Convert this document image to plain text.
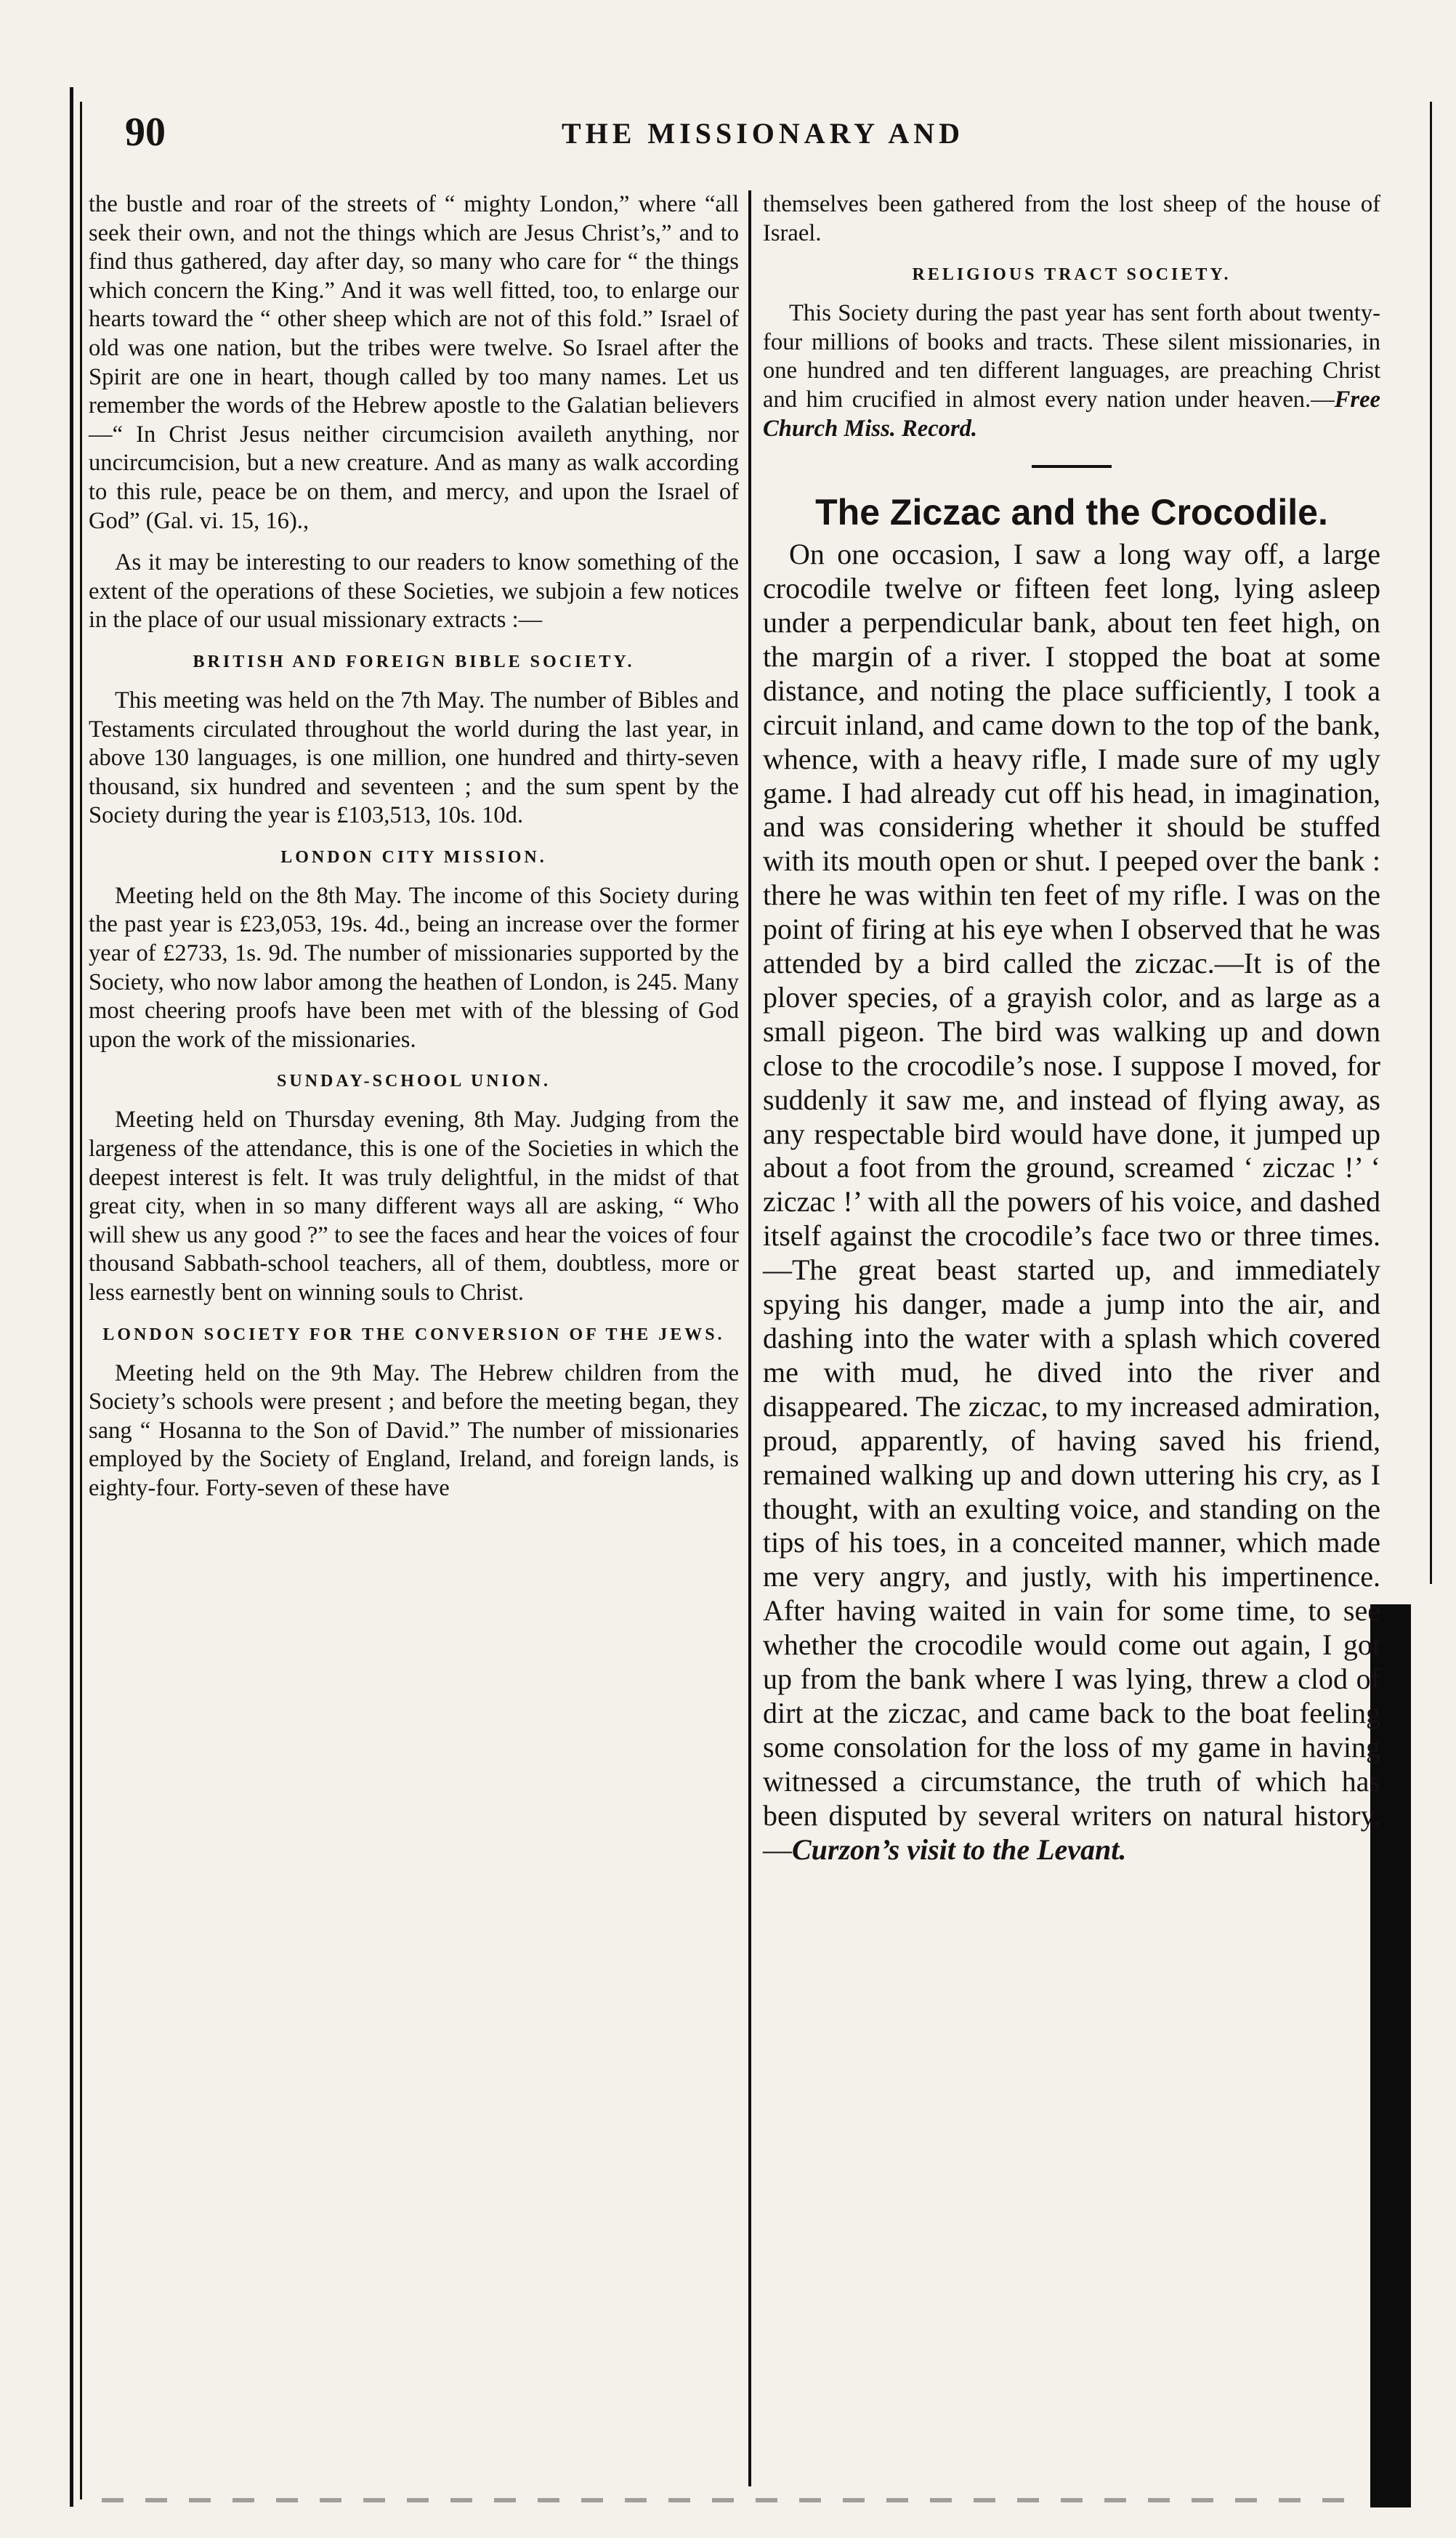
90	THE MISSIONARY AND

the bustle and roar of the streets of “ mighty London,” where “all seek their own, and not the things which are Jesus Christ’s,” and to find thus gathered, day after day, so many who care for “ the things which concern the King.” And it was well fitted, too, to enlarge our hearts toward the “ other sheep which are not of this fold.” Israel of old was one nation, but the tribes were twelve. So Israel after the Spirit are one in heart, though called by too many names. Let us remember the words of the Hebrew apostle to the Galatian believers—“ In Christ Jesus neither circumcision availeth anything, nor uncircumcision, but a new creature. And as many as walk according to this rule, peace be on them, and mercy, and upon the Israel of God” (Gal. vi. 15, 16).,

As it may be interesting to our readers to know something of the extent of the operations of these Societies, we subjoin a few notices in the place of our usual missionary extracts :—

BRITISH AND FOREIGN BIBLE SOCIETY.

This meeting was held on the 7th May. The number of Bibles and Testaments circulated throughout the world during the last year, in above 130 languages, is one million, one hundred and thirty-seven thousand, six hundred and seventeen ; and the sum spent by the Society during the year is £103,513, 10s. 10d.

LONDON CITY MISSION.

Meeting held on the 8th May. The income of this Society during the past year is £23,053, 19s. 4d., being an increase over the former year of £2733, 1s. 9d. The number of missionaries supported by the Society, who now labor among the heathen of London, is 245. Many most cheering proofs have been met with of the blessing of God upon the work of the missionaries.

SUNDAY-SCHOOL UNION.

Meeting held on Thursday evening, 8th May. Judging from the largeness of the attendance, this is one of the Societies in which the deepest interest is felt. It was truly delightful, in the midst of that great city, when in so many different ways all are asking, “ Who will shew us any good ?” to see the faces and hear the voices of four thousand Sabbath-school teachers, all of them, doubtless, more or less earnestly bent on winning souls to Christ.

LONDON SOCIETY FOR THE CONVERSION OF THE JEWS.

Meeting held on the 9th May. The Hebrew children from the Society’s schools were present ; and before the meeting began, they sang “ Hosanna to the Son of David.” The number of missionaries employed by the Society of England, Ireland, and foreign lands, is eighty-four. Forty-seven of these have

themselves been gathered from the lost sheep of the house of Israel.

RELIGIOUS TRACT SOCIETY.

This Society during the past year has sent forth about twenty-four millions of books and tracts. These silent missionaries, in one hundred and ten different languages, are preaching Christ and him crucified in almost every nation under heaven.—Free Church Miss. Record.

The Ziczac and the Crocodile.

On one occasion, I saw a long way off, a large crocodile twelve or fifteen feet long, lying asleep under a perpendicular bank, about ten feet high, on the margin of a river. I stopped the boat at some distance, and noting the place sufficiently, I took a circuit inland, and came down to the top of the bank, whence, with a heavy rifle, I made sure of my ugly game. I had already cut off his head, in imagination, and was considering whether it should be stuffed with its mouth open or shut. I peeped over the bank : there he was within ten feet of my rifle. I was on the point of firing at his eye when I observed that he was attended by a bird called the ziczac.—It is of the plover species, of a grayish color, and as large as a small pigeon. The bird was walking up and down close to the crocodile’s nose. I suppose I moved, for suddenly it saw me, and instead of flying away, as any respectable bird would have done, it jumped up about a foot from the ground, screamed ‘ ziczac !’ ‘ ziczac !’ with all the powers of his voice, and dashed itself against the crocodile’s face two or three times.—The great beast started up, and immediately spying his danger, made a jump into the air, and dashing into the water with a splash which covered me with mud, he dived into the river and disappeared. The ziczac, to my increased admiration, proud, apparently, of having saved his friend, remained walking up and down uttering his cry, as I thought, with an exulting voice, and standing on the tips of his toes, in a conceited manner, which made me very angry, and justly, with his impertinence. After having waited in vain for some time, to see whether the crocodile would come out again, I got up from the bank where I was lying, threw a clod of dirt at the ziczac, and came back to the boat feeling some consolation for the loss of my game in having witnessed a circumstance, the truth of which has been disputed by several writers on natural history.—Curzon’s visit to the Levant.
